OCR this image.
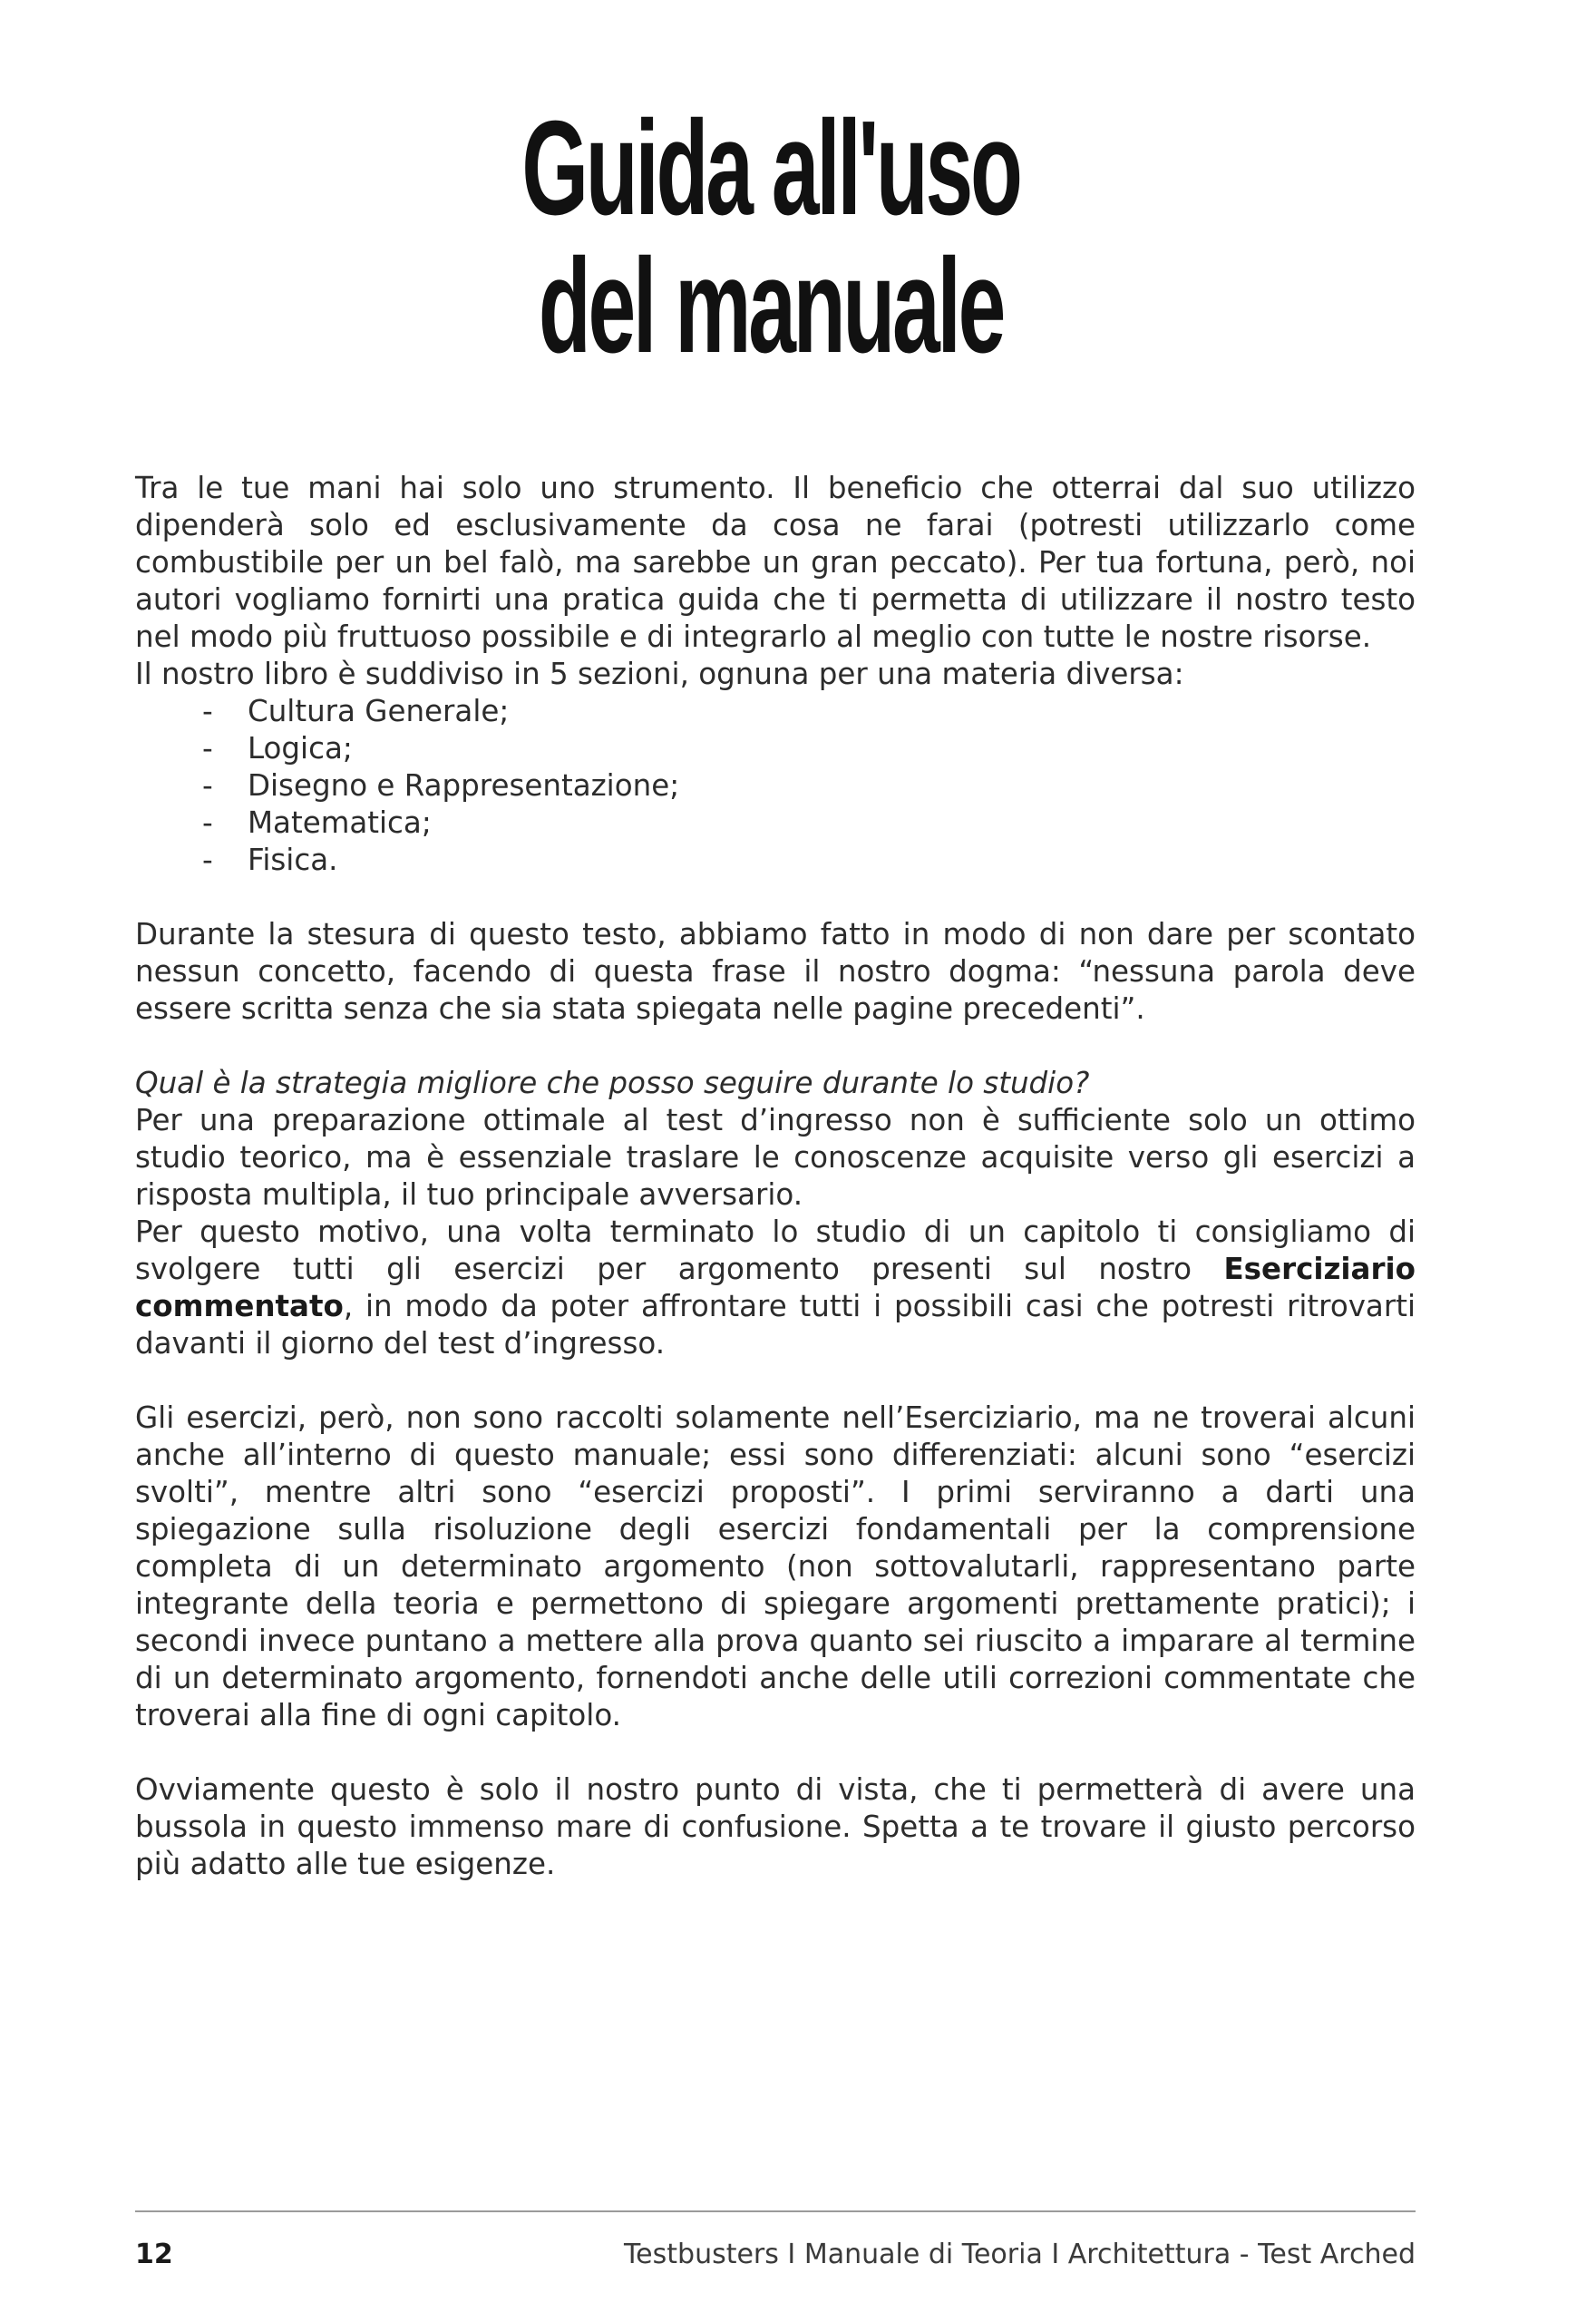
Guida all'uso
del manuale

Tra le tue mani hai solo uno strumento. Il beneficio che otterrai dal suo utilizzo dipenderà solo ed esclusivamente da cosa ne farai (potresti utilizzarlo come combustibile per un bel falò, ma sarebbe un gran peccato). Per tua fortuna, però, noi autori vogliamo fornirti una pratica guida che ti permetta di utilizzare il nostro testo nel modo più fruttuoso possibile e di integrarlo al meglio con tutte le nostre risorse.

Il nostro libro è suddiviso in 5 sezioni, ognuna per una materia diversa:

- Cultura Generale;
- Logica;
- Disegno e Rappresentazione;
- Matematica;
- Fisica.

Durante la stesura di questo testo, abbiamo fatto in modo di non dare per scontato nessun concetto, facendo di questa frase il nostro dogma: “nessuna parola deve essere scritta senza che sia stata spiegata nelle pagine precedenti”.

Qual è la strategia migliore che posso seguire durante lo studio?

Per una preparazione ottimale al test d’ingresso non è sufficiente solo un ottimo studio teorico, ma è essenziale traslare le conoscenze acquisite verso gli esercizi a risposta multipla, il tuo principale avversario.

Per questo motivo, una volta terminato lo studio di un capitolo ti consigliamo di svolgere tutti gli esercizi per argomento presenti sul nostro Eserciziario commentato, in modo da poter affrontare tutti i possibili casi che potresti ritrovarti davanti il giorno del test d’ingresso.

Gli esercizi, però, non sono raccolti solamente nell’Eserciziario, ma ne troverai alcuni anche all’interno di questo manuale; essi sono differenziati: alcuni sono “esercizi svolti”, mentre altri sono “esercizi proposti”. I primi serviranno a darti una spiegazione sulla risoluzione degli esercizi fondamentali per la comprensione completa di un determinato argomento (non sottovalutarli, rappresentano parte integrante della teoria e permettono di spiegare argomenti prettamente pratici); i secondi invece puntano a mettere alla prova quanto sei riuscito a imparare al termine di un determinato argomento, fornendoti anche delle utili correzioni commentate che troverai alla fine di ogni capitolo.

Ovviamente questo è solo il nostro punto di vista, che ti permetterà di avere una bussola in questo immenso mare di confusione. Spetta a te trovare il giusto percorso più adatto alle tue esigenze.

12	Testbusters I Manuale di Teoria I Architettura - Test Arched
